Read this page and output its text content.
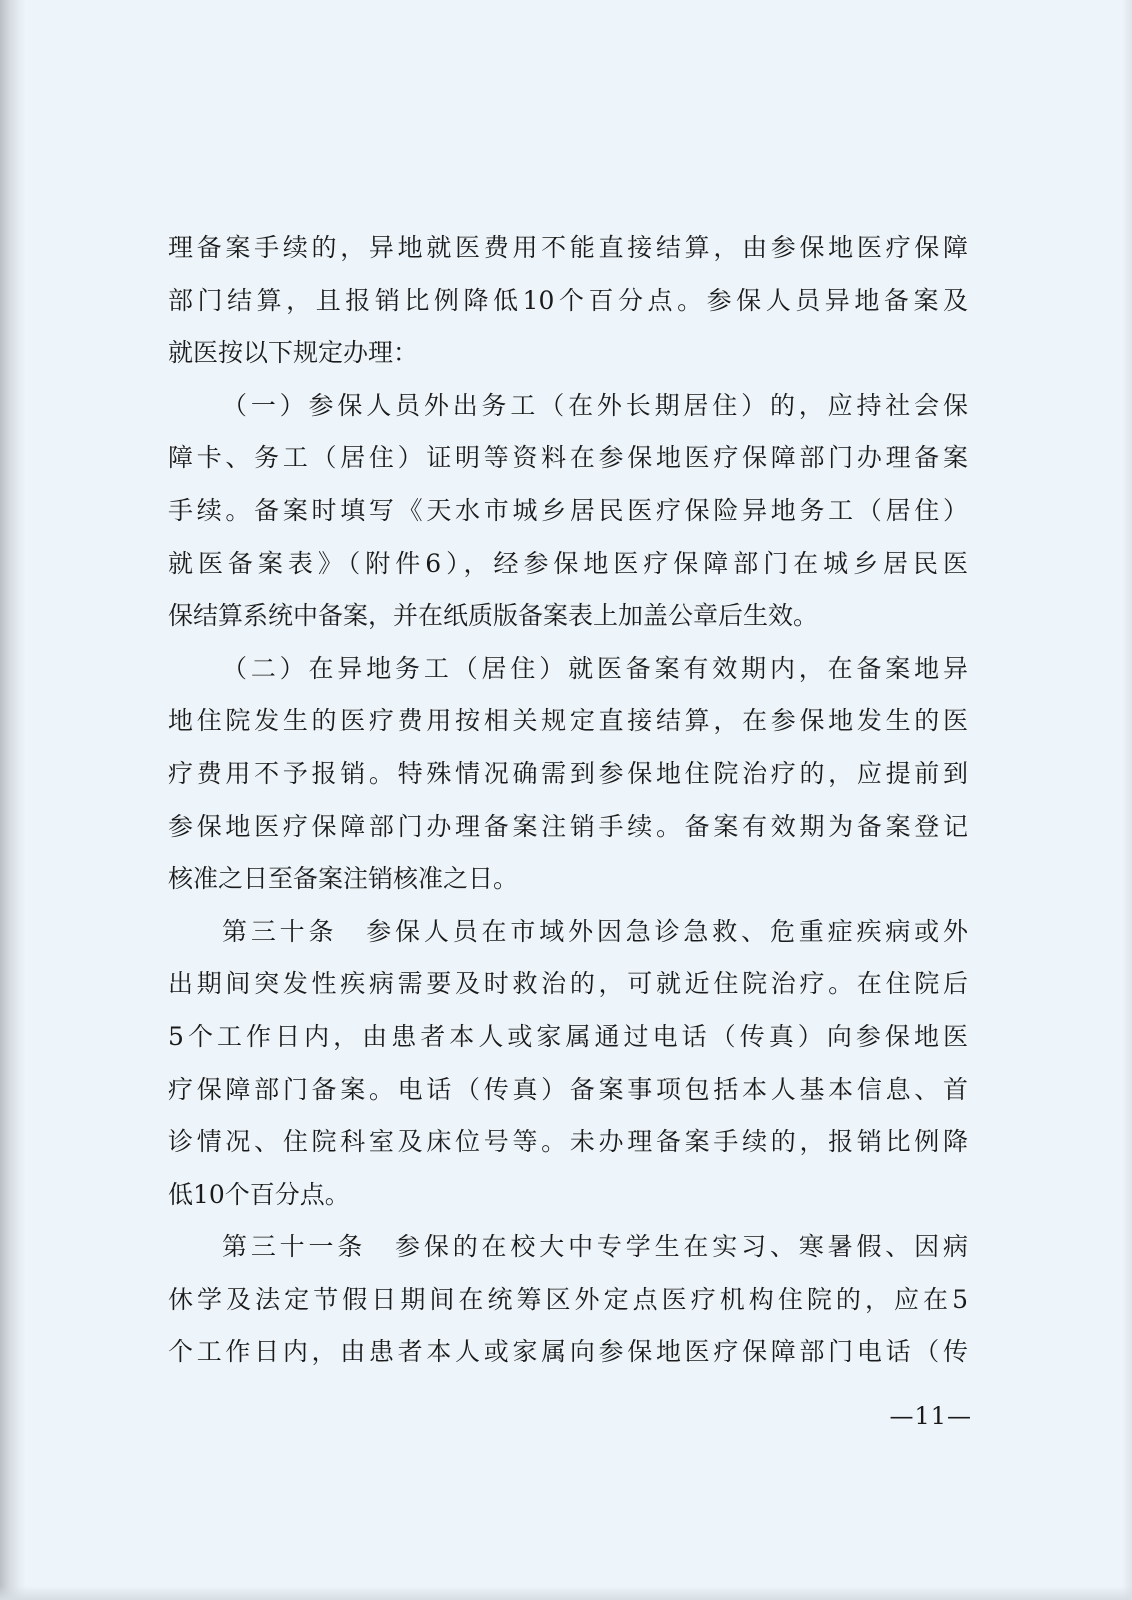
理备案手续的，异地就医费用不能直接结算，由参保地医疗保障
部门结算，且报销比例降低10个百分点。参保人员异地备案及
就医按以下规定办理：
（一）参保人员外出务工（在外长期居住）的，应持社会保
障卡、务工（居住）证明等资料在参保地医疗保障部门办理备案
手续。备案时填写《天水市城乡居民医疗保险异地务工（居住）
就医备案表》（附件6），经参保地医疗保障部门在城乡居民医
保结算系统中备案，并在纸质版备案表上加盖公章后生效。
（二）在异地务工（居住）就医备案有效期内，在备案地异
地住院发生的医疗费用按相关规定直接结算，在参保地发生的医
疗费用不予报销。特殊情况确需到参保地住院治疗的，应提前到
参保地医疗保障部门办理备案注销手续。备案有效期为备案登记
核准之日至备案注销核准之日。
第三十条　参保人员在市域外因急诊急救、危重症疾病或外
出期间突发性疾病需要及时救治的，可就近住院治疗。在住院后
5个工作日内，由患者本人或家属通过电话（传真）向参保地医
疗保障部门备案。电话（传真）备案事项包括本人基本信息、首
诊情况、住院科室及床位号等。未办理备案手续的，报销比例降
低10个百分点。
第三十一条　参保的在校大中专学生在实习、寒暑假、因病
休学及法定节假日期间在统筹区外定点医疗机构住院的，应在5
个工作日内，由患者本人或家属向参保地医疗保障部门电话（传
—11—
